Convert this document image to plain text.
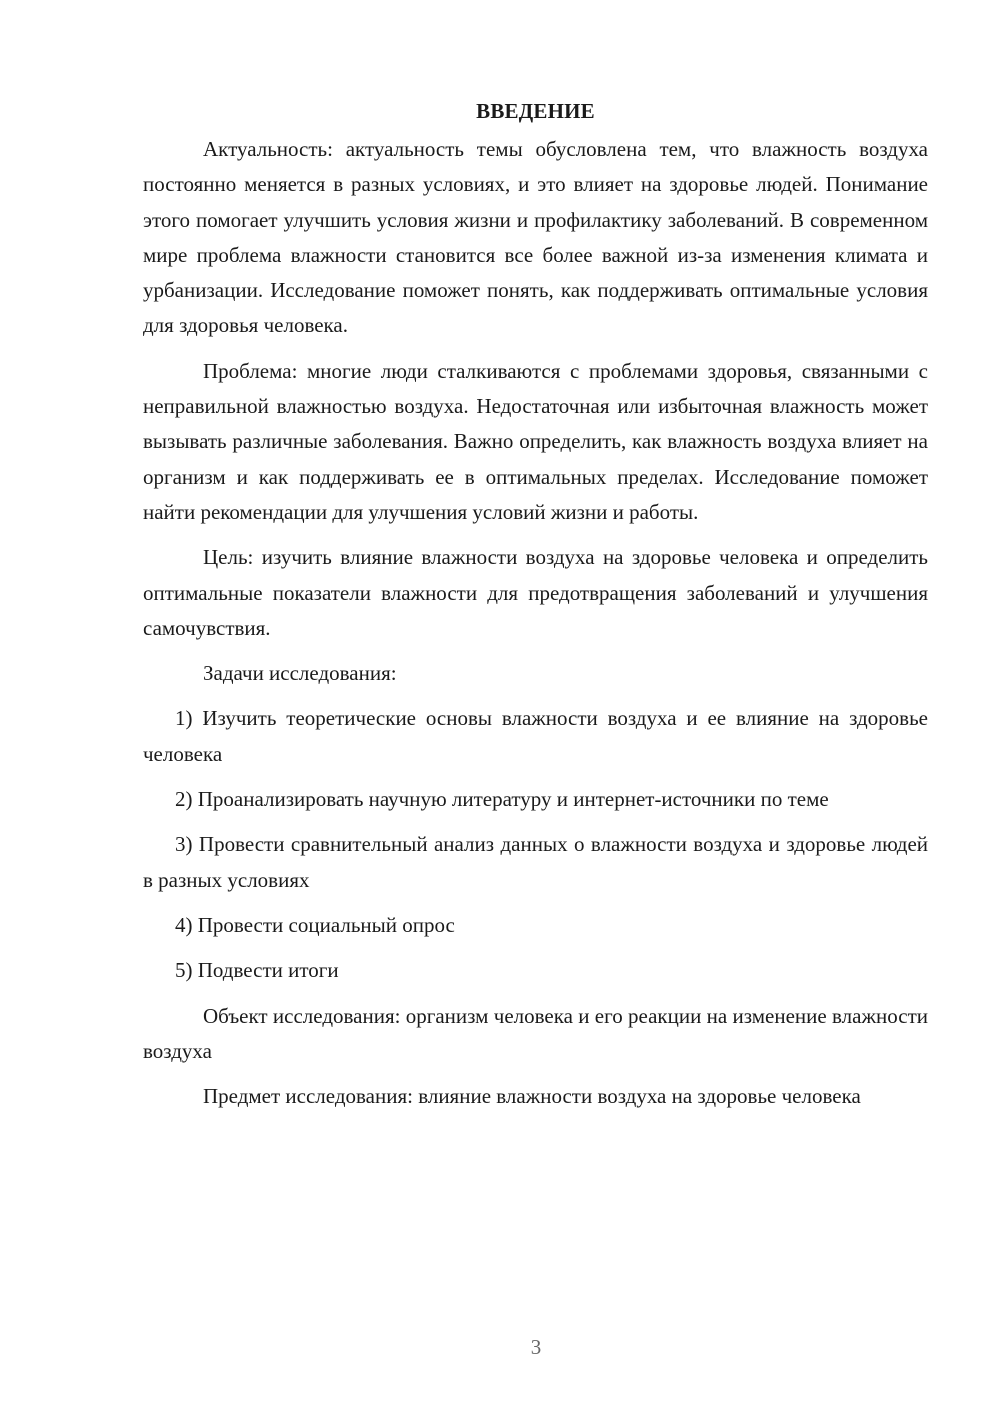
ВВЕДЕНИЕ

Актуальность: актуальность темы обусловлена тем, что влажность воздуха постоянно меняется в разных условиях, и это влияет на здоровье людей. Понимание этого помогает улучшить условия жизни и профилактику заболеваний. В современном мире проблема влажности становится все более важной из-за изменения климата и урбанизации. Исследование поможет понять, как поддерживать оптимальные условия для здоровья человека.

Проблема: многие люди сталкиваются с проблемами здоровья, связанными с неправильной влажностью воздуха. Недостаточная или избыточная влажность может вызывать различные заболевания. Важно определить, как влажность воздуха влияет на организм и как поддерживать ее в оптимальных пределах. Исследование поможет найти рекомендации для улучшения условий жизни и работы.

Цель: изучить влияние влажности воздуха на здоровье человека и определить оптимальные показатели влажности для предотвращения заболеваний и улучшения самочувствия.

Задачи исследования:

1) Изучить теоретические основы влажности воздуха и ее влияние на здоровье человека

2) Проанализировать научную литературу и интернет-источники по теме

3) Провести сравнительный анализ данных о влажности воздуха и здоровье людей в разных условиях

4) Провести социальный опрос

5) Подвести итоги

Объект исследования: организм человека и его реакции на изменение влажности воздуха

Предмет исследования: влияние влажности воздуха на здоровье человека

3
